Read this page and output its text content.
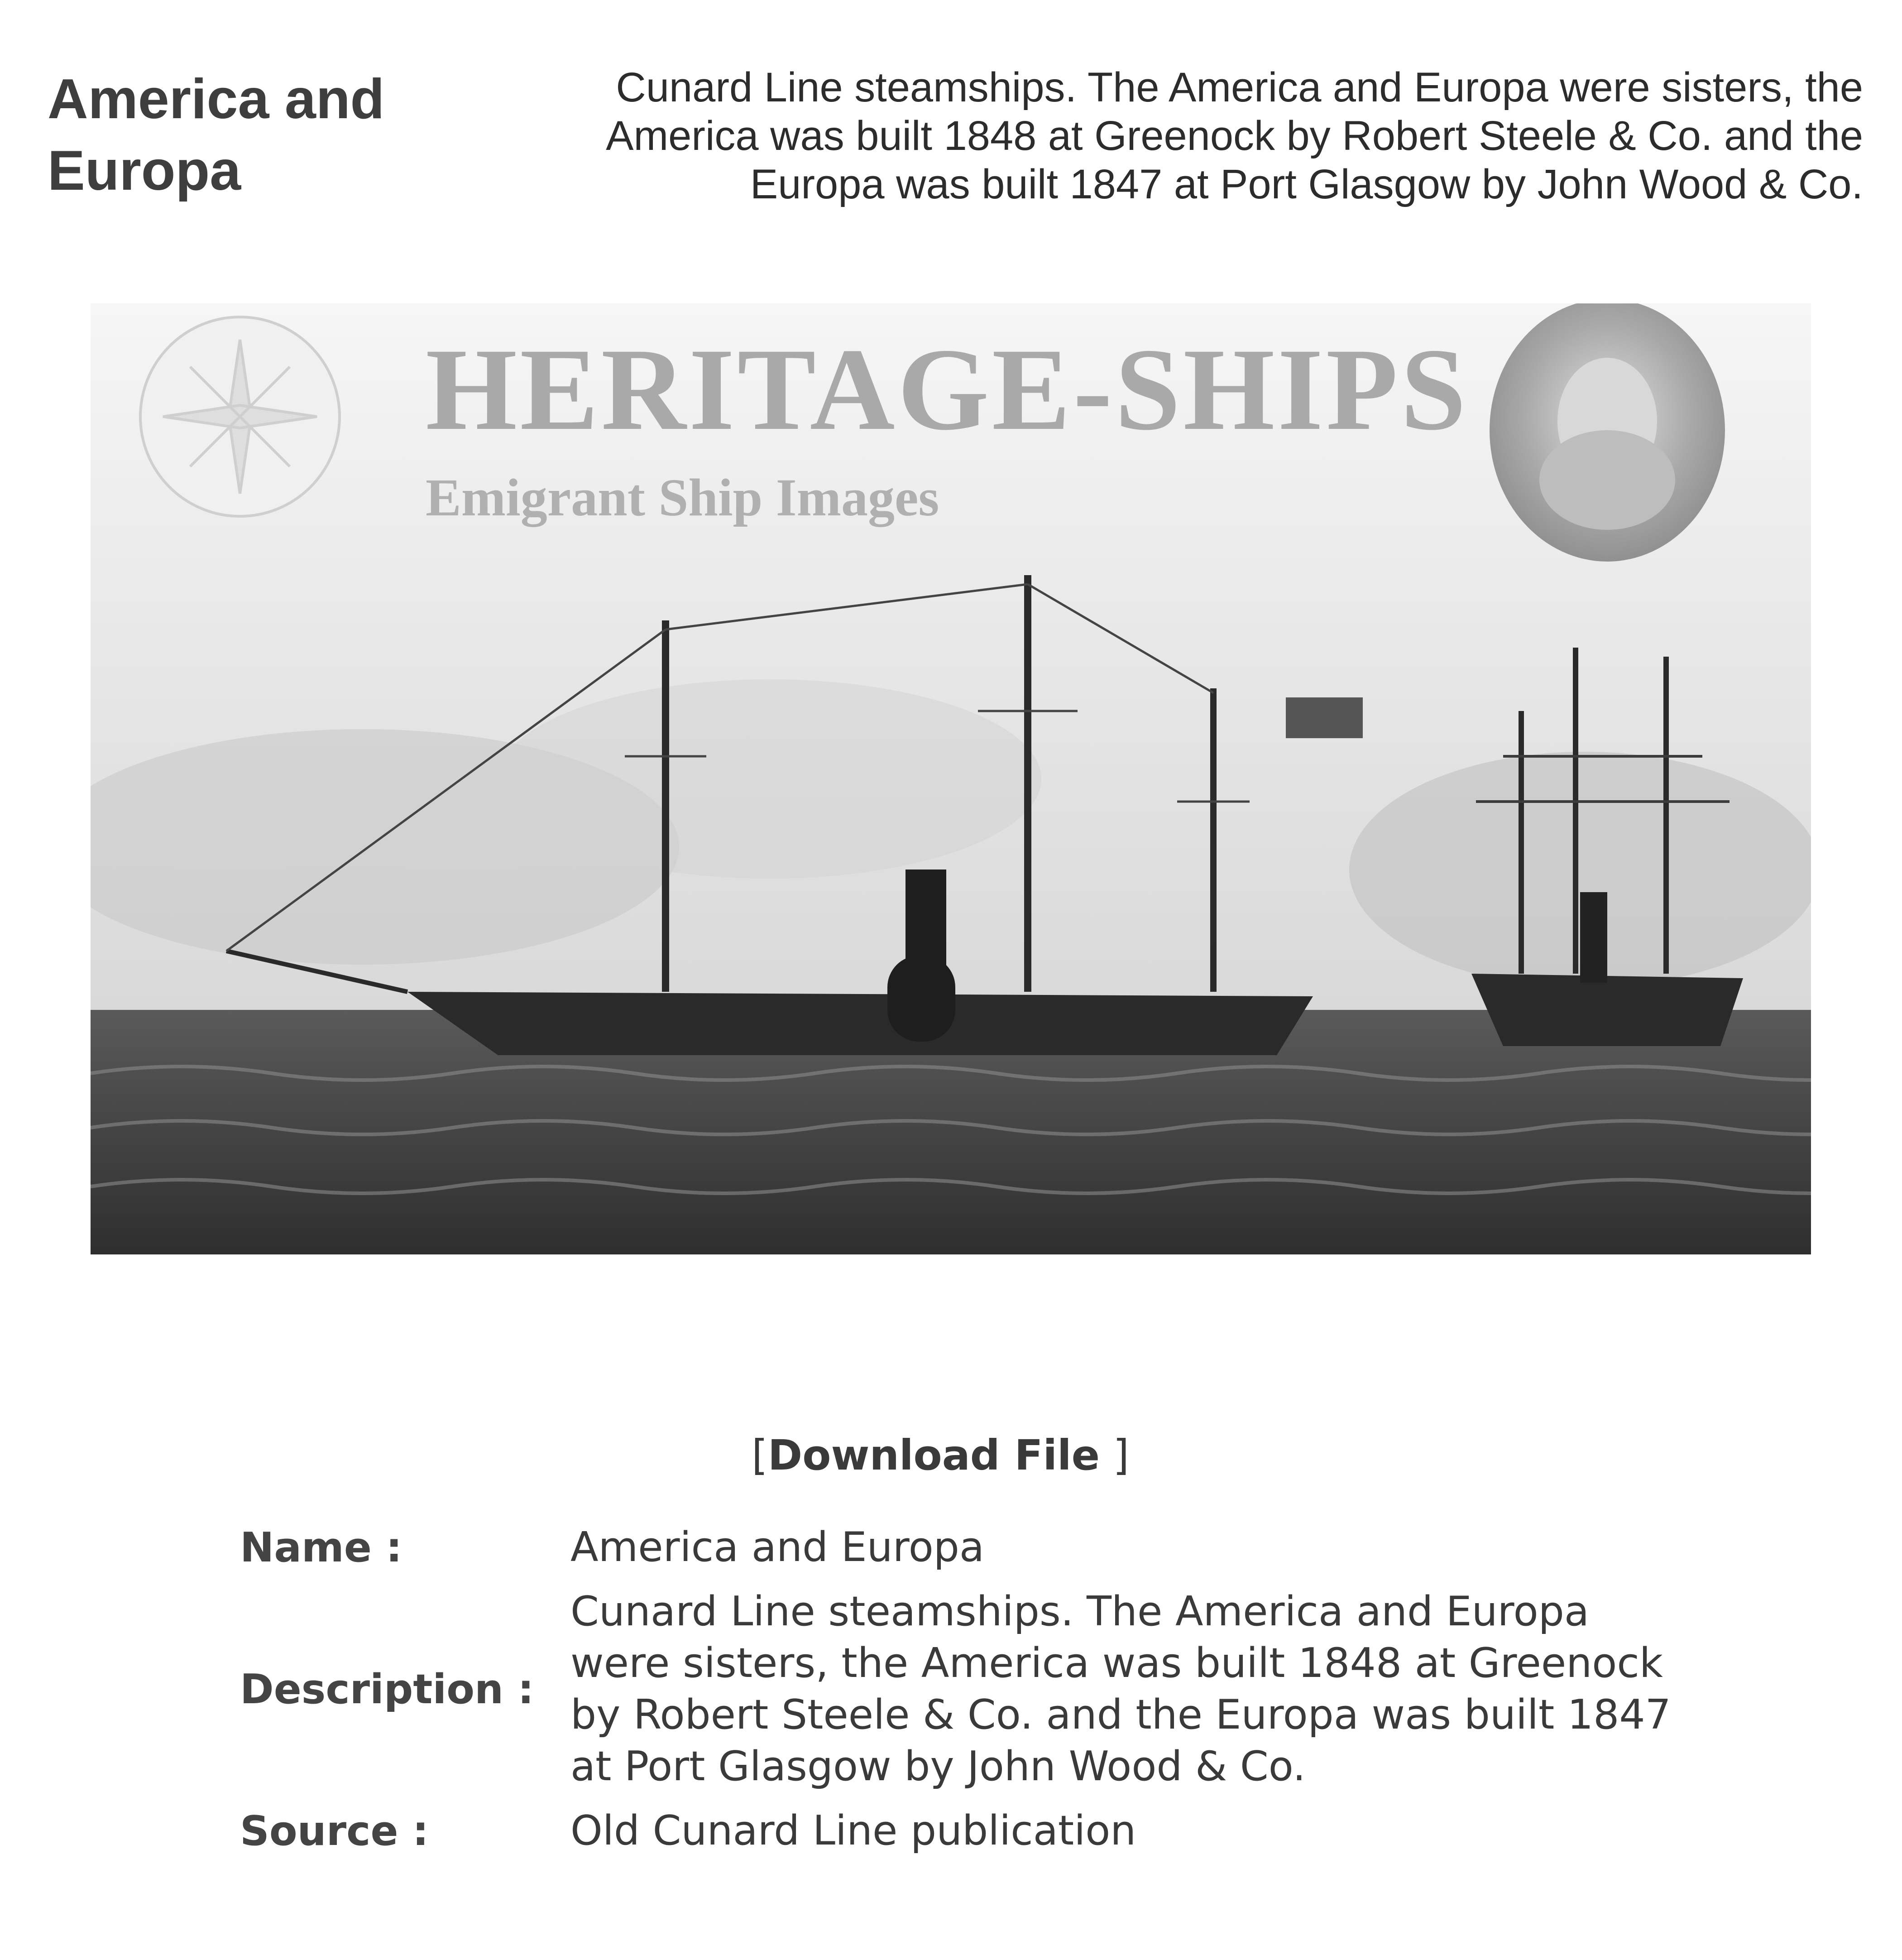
America and Europa

Cunard Line steamships. The America and Europa were sisters, the America was built 1848 at Greenock by Robert Steele & Co. and the Europa was built 1847 at Port Glasgow by John Wood & Co.

HERITAGE-SHIPS
Emigrant Ship Images
[Download File ]
Name :	America and Europa
Description :
Cunard Line steamships. The America and Europa were sisters, the America was built 1848 at Greenock by Robert Steele & Co. and the Europa was built 1847 at Port Glasgow by John Wood & Co.
Source :	Old Cunard Line publication
